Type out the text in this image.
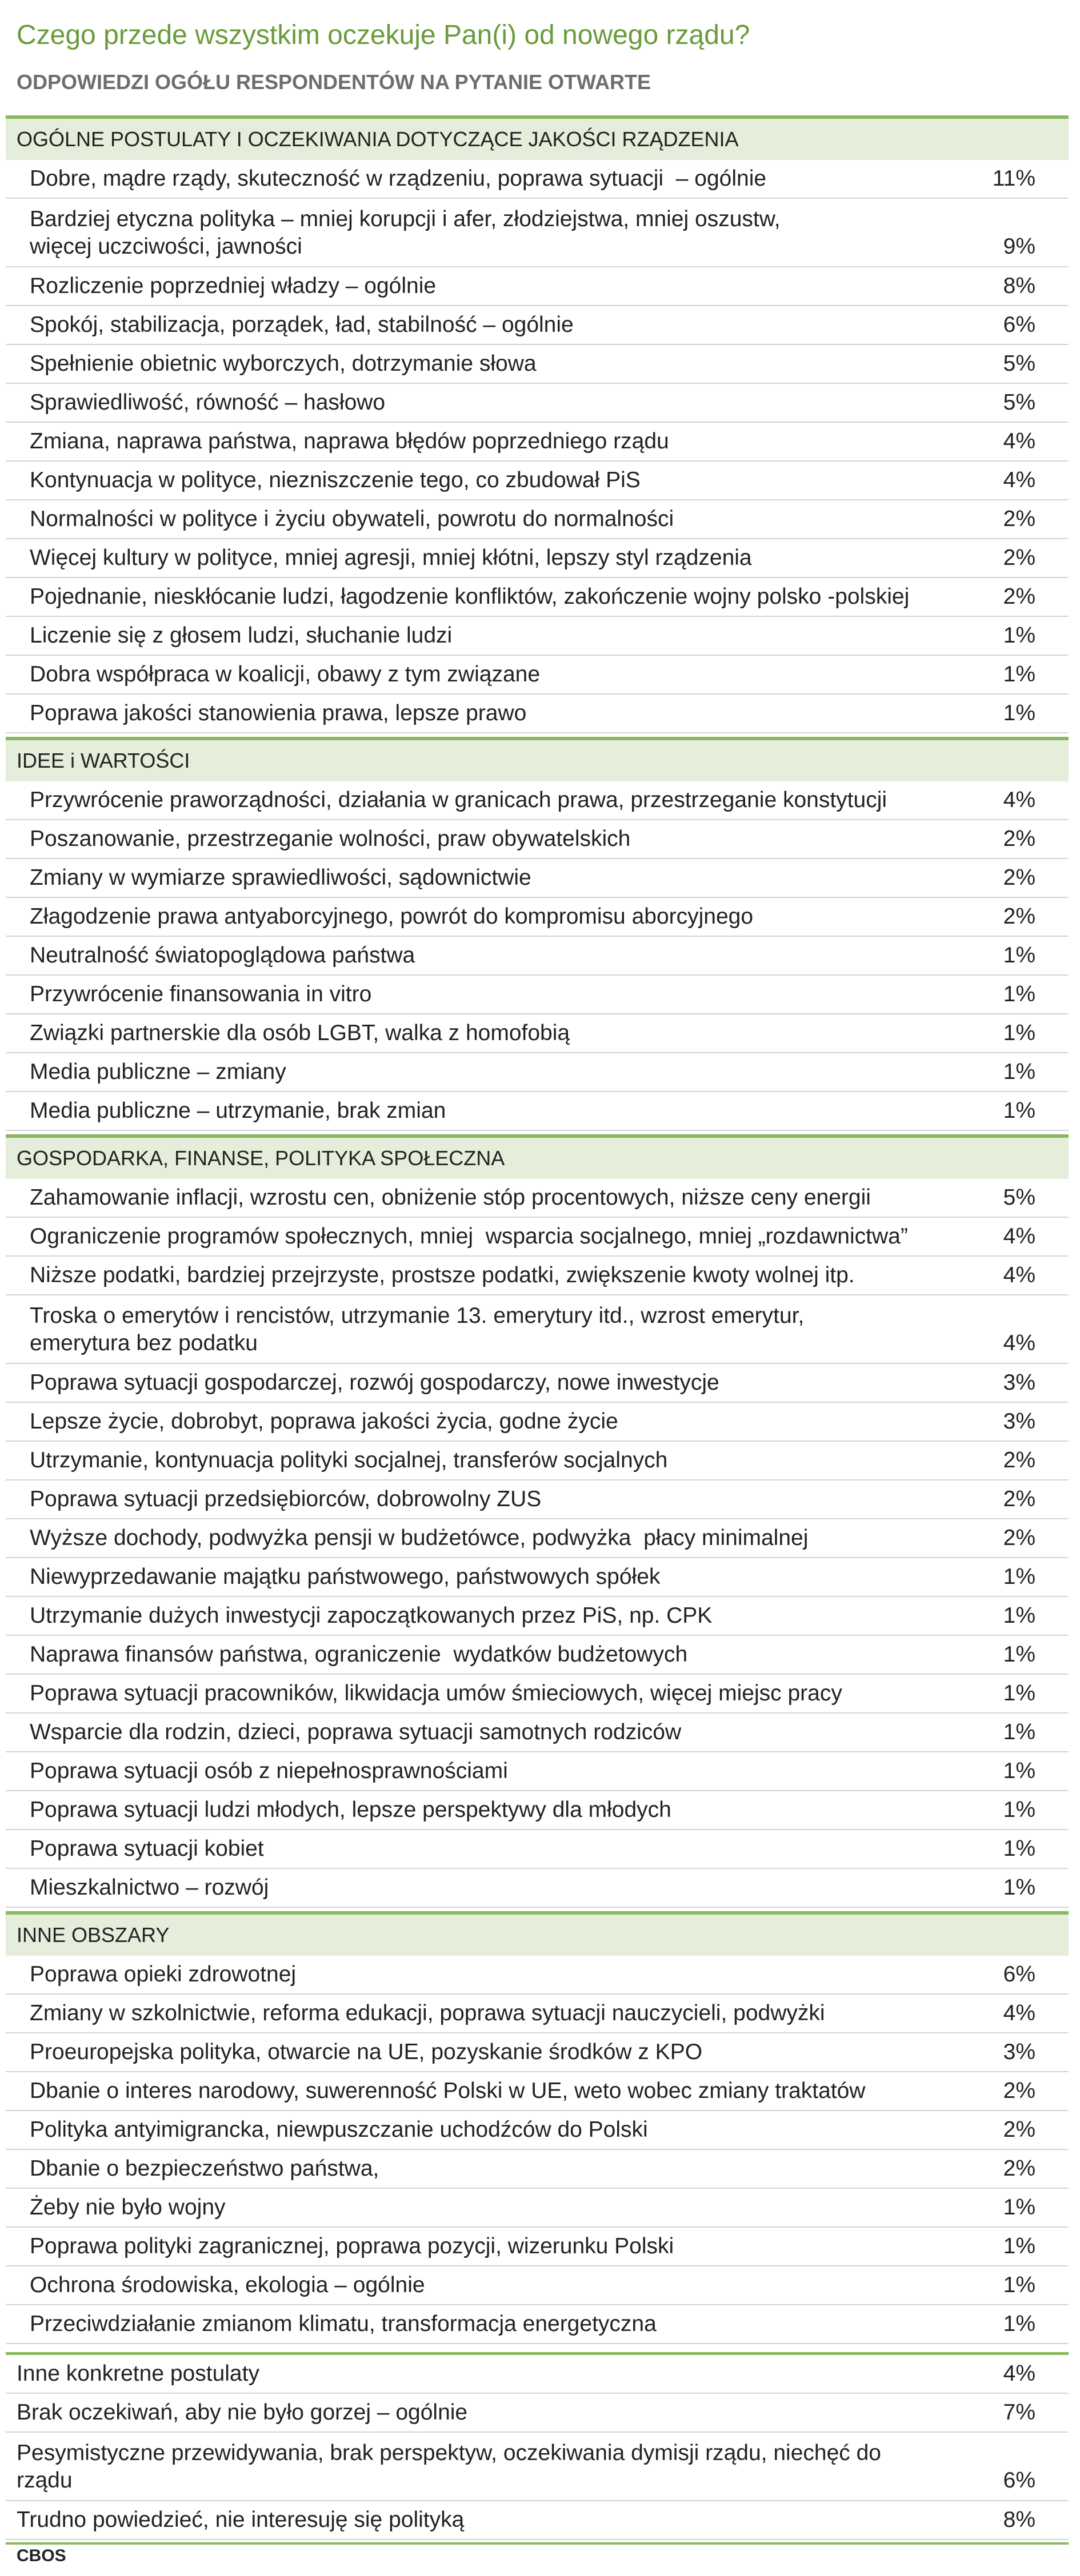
Czego przede wszystkim oczekuje Pan(i) od nowego rządu?
ODPOWIEDZI OGÓŁU RESPONDENTÓW NA PYTANIE OTWARTE
OGÓLNE POSTULATY I OCZEKIWANIA DOTYCZĄCE JAKOŚCI RZĄDZENIA
Dobre, mądre rządy, skuteczność w rządzeniu, poprawa sytuacji  – ogólnie	11%
Bardziej etyczna polityka – mniej korupcji i afer, złodziejstwa, mniej oszustw,
więcej uczciwości, jawności	9%
Rozliczenie poprzedniej władzy – ogólnie	8%
Spokój, stabilizacja, porządek, ład, stabilność – ogólnie	6%
Spełnienie obietnic wyborczych, dotrzymanie słowa	5%
Sprawiedliwość, równość – hasłowo	5%
Zmiana, naprawa państwa, naprawa błędów poprzedniego rządu	4%
Kontynuacja w polityce, niezniszczenie tego, co zbudował PiS	4%
Normalności w polityce i życiu obywateli, powrotu do normalności	2%
Więcej kultury w polityce, mniej agresji, mniej kłótni, lepszy styl rządzenia	2%
Pojednanie, nieskłócanie ludzi, łagodzenie konfliktów, zakończenie wojny polsko -polskiej	2%
Liczenie się z głosem ludzi, słuchanie ludzi	1%
Dobra współpraca w koalicji, obawy z tym związane	1%
Poprawa jakości stanowienia prawa, lepsze prawo	1%
IDEE i WARTOŚCI
Przywrócenie praworządności, działania w granicach prawa, przestrzeganie konstytucji	4%
Poszanowanie, przestrzeganie wolności, praw obywatelskich	2%
Zmiany w wymiarze sprawiedliwości, sądownictwie	2%
Złagodzenie prawa antyaborcyjnego, powrót do kompromisu aborcyjnego	2%
Neutralność światopoglądowa państwa	1%
Przywrócenie finansowania in vitro	1%
Związki partnerskie dla osób LGBT, walka z homofobią	1%
Media publiczne – zmiany	1%
Media publiczne – utrzymanie, brak zmian	1%
GOSPODARKA, FINANSE, POLITYKA SPOŁECZNA
Zahamowanie inflacji, wzrostu cen, obniżenie stóp procentowych, niższe ceny energii	5%
Ograniczenie programów społecznych, mniej  wsparcia socjalnego, mniej „rozdawnictwa”	4%
Niższe podatki, bardziej przejrzyste, prostsze podatki, zwiększenie kwoty wolnej itp.	4%
Troska o emerytów i rencistów, utrzymanie 13. emerytury itd., wzrost emerytur,
emerytura bez podatku	4%
Poprawa sytuacji gospodarczej, rozwój gospodarczy, nowe inwestycje	3%
Lepsze życie, dobrobyt, poprawa jakości życia, godne życie	3%
Utrzymanie, kontynuacja polityki socjalnej, transferów socjalnych	2%
Poprawa sytuacji przedsiębiorców, dobrowolny ZUS	2%
Wyższe dochody, podwyżka pensji w budżetówce, podwyżka  płacy minimalnej	2%
Niewyprzedawanie majątku państwowego, państwowych spółek	1%
Utrzymanie dużych inwestycji zapoczątkowanych przez PiS, np. CPK	1%
Naprawa finansów państwa, ograniczenie  wydatków budżetowych	1%
Poprawa sytuacji pracowników, likwidacja umów śmieciowych, więcej miejsc pracy	1%
Wsparcie dla rodzin, dzieci, poprawa sytuacji samotnych rodziców	1%
Poprawa sytuacji osób z niepełnosprawnościami	1%
Poprawa sytuacji ludzi młodych, lepsze perspektywy dla młodych	1%
Poprawa sytuacji kobiet	1%
Mieszkalnictwo – rozwój	1%
INNE OBSZARY
Poprawa opieki zdrowotnej	6%
Zmiany w szkolnictwie, reforma edukacji, poprawa sytuacji nauczycieli, podwyżki	4%
Proeuropejska polityka, otwarcie na UE, pozyskanie środków z KPO	3%
Dbanie o interes narodowy, suwerenność Polski w UE, weto wobec zmiany traktatów	2%
Polityka antyimigrancka, niewpuszczanie uchodźców do Polski	2%
Dbanie o bezpieczeństwo państwa,	2%
Żeby nie było wojny	1%
Poprawa polityki zagranicznej, poprawa pozycji, wizerunku Polski	1%
Ochrona środowiska, ekologia – ogólnie	1%
Przeciwdziałanie zmianom klimatu, transformacja energetyczna	1%
Inne konkretne postulaty	4%
Brak oczekiwań, aby nie było gorzej – ogólnie	7%
Pesymistyczne przewidywania, brak perspektyw, oczekiwania dymisji rządu, niechęć do
rządu	6%
Trudno powiedzieć, nie interesuję się polityką	8%
CBOS
